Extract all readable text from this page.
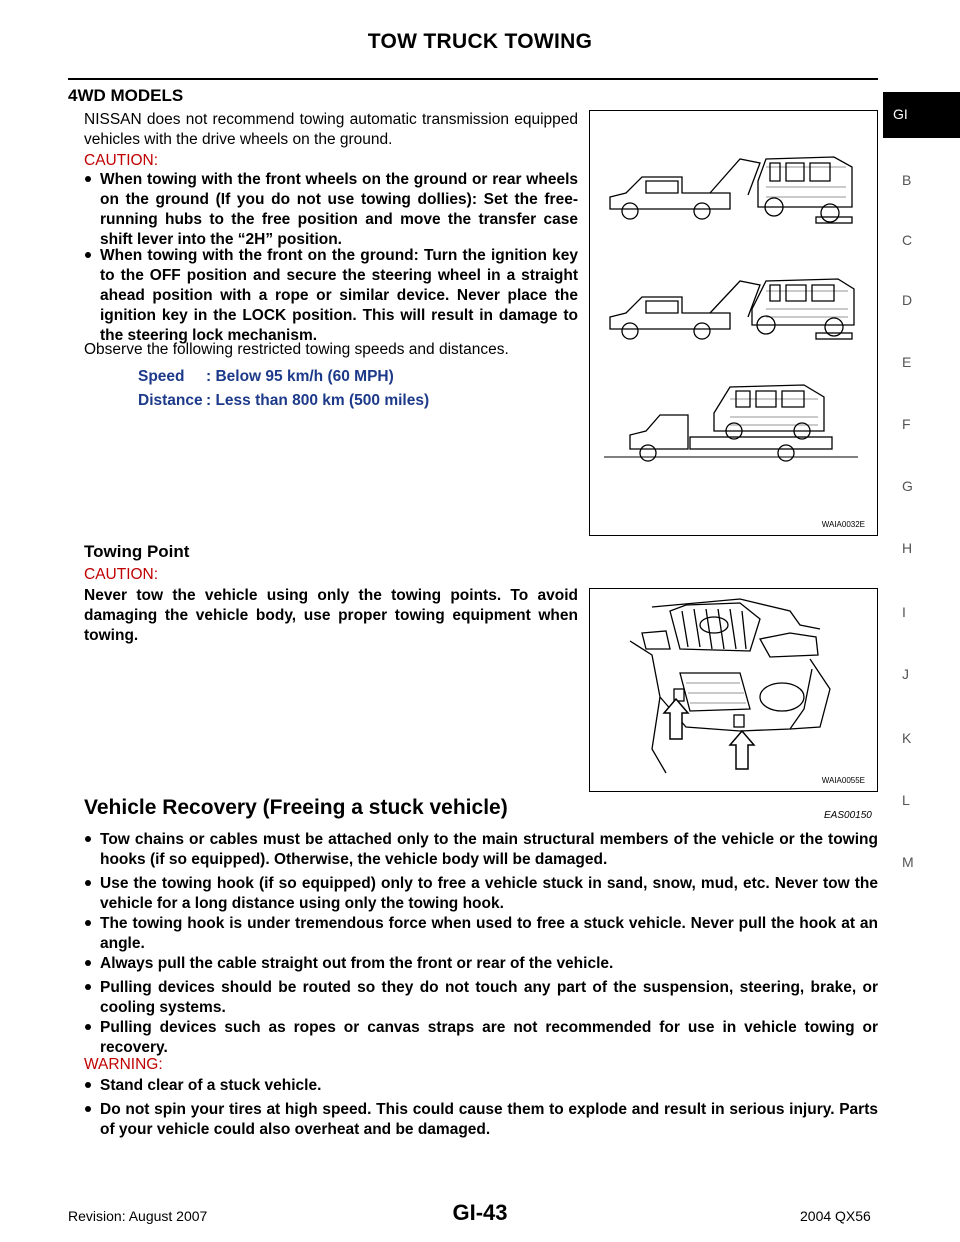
TOW TRUCK TOWING
GI
B
C
D
E
F
G
H
I
J
K
L
M
4WD MODELS
NISSAN does not recommend towing automatic transmission equipped vehicles with the drive wheels on the ground.
CAUTION:
When towing with the front wheels on the ground or rear wheels on the ground (If you do not use towing dollies): Set the free-running hubs to the free position and move the transfer case shift lever into the “2H” position.
When towing with the front on the ground: Turn the ignition key to the OFF position and secure the steering wheel in a straight ahead position with a rope or similar device. Never place the ignition key in the LOCK position. This will result in damage to the steering lock mechanism.
Observe the following restricted towing speeds and distances.
Speed : Below 95 km/h (60 MPH)
Distance : Less than 800 km (500 miles)
WAIA0032E
Towing Point
CAUTION:
Never tow the vehicle using only the towing points. To avoid damaging the vehicle body, use proper towing equipment when towing.
WAIA0055E
Vehicle Recovery (Freeing a stuck vehicle)	EAS00150
Tow chains or cables must be attached only to the main structural members of the vehicle or the towing hooks (if so equipped). Otherwise, the vehicle body will be damaged.
Use the towing hook (if so equipped) only to free a vehicle stuck in sand, snow, mud, etc. Never tow the vehicle for a long distance using only the towing hook.
The towing hook is under tremendous force when used to free a stuck vehicle. Never pull the hook at an angle.
Always pull the cable straight out from the front or rear of the vehicle.
Pulling devices should be routed so they do not touch any part of the suspension, steering, brake, or cooling systems.
Pulling devices such as ropes or canvas straps are not recommended for use in vehicle towing or recovery.
WARNING:
Stand clear of a stuck vehicle.
Do not spin your tires at high speed. This could cause them to explode and result in serious injury. Parts of your vehicle could also overheat and be damaged.
Revision: August 2007	GI-43	2004 QX56
